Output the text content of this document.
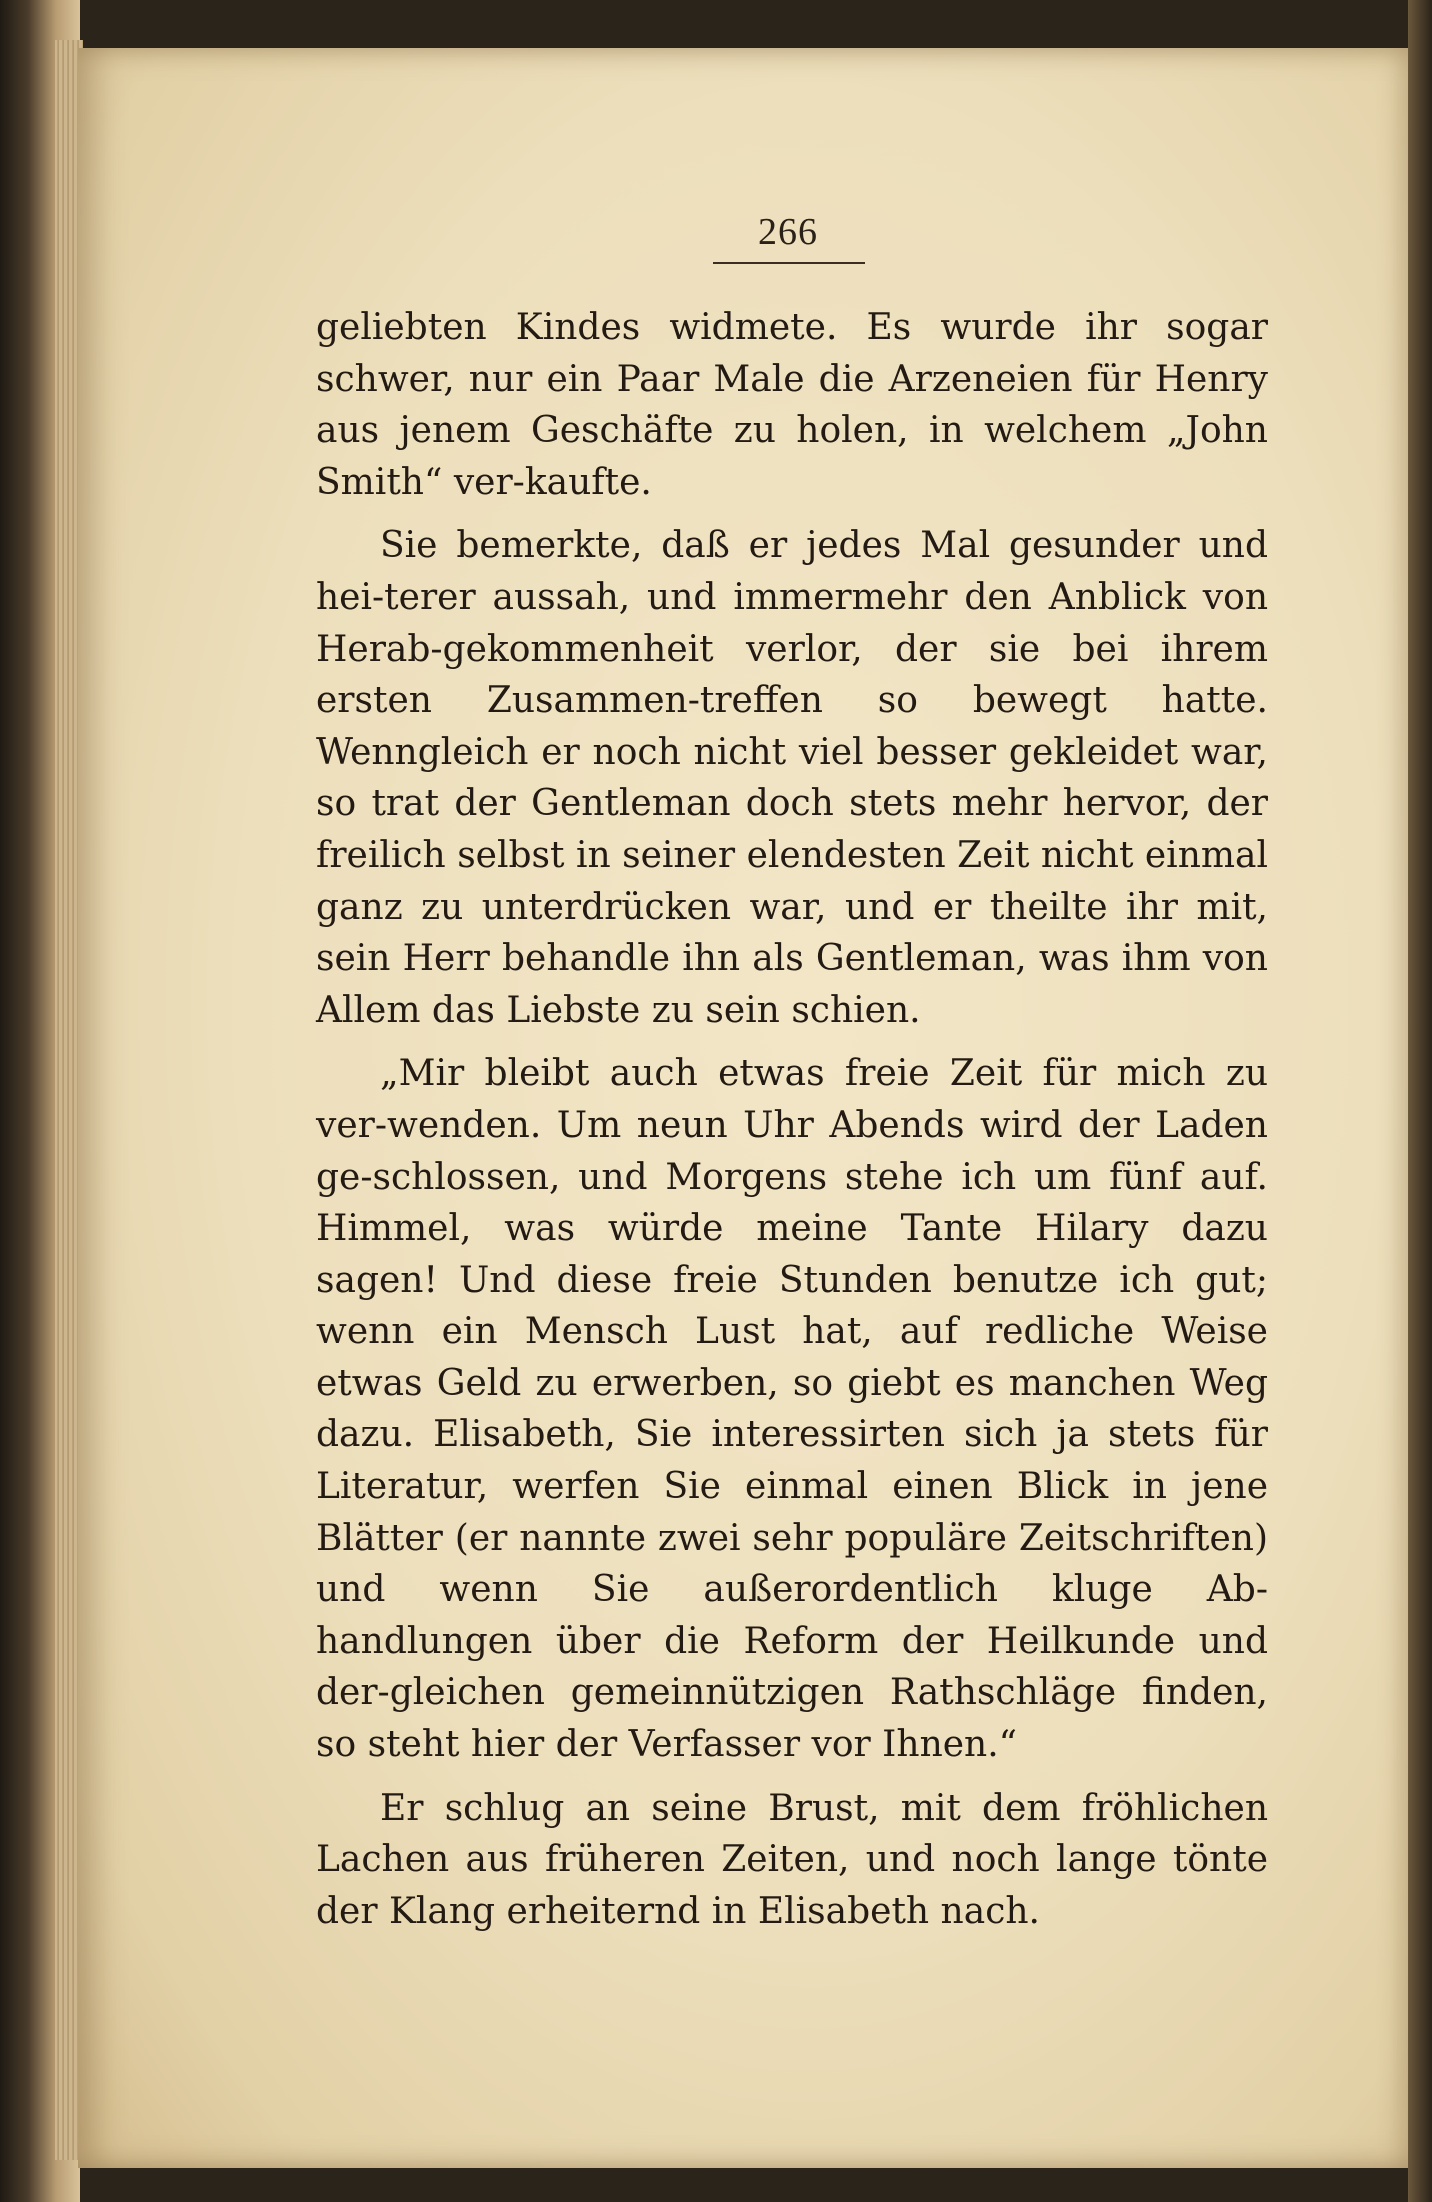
266

geliebten Kindes widmete. Es wurde ihr sogar schwer, nur ein Paar Male die Arzeneien für Henry aus jenem Geschäfte zu holen, in welchem „John Smith“ ver-kaufte.

Sie bemerkte, daß er jedes Mal gesunder und hei-terer aussah, und immermehr den Anblick von Herab-gekommenheit verlor, der sie bei ihrem ersten Zusammen-treffen so bewegt hatte. Wenngleich er noch nicht viel besser gekleidet war, so trat der Gentleman doch stets mehr hervor, der freilich selbst in seiner elendesten Zeit nicht einmal ganz zu unterdrücken war, und er theilte ihr mit, sein Herr behandle ihn als Gentleman, was ihm von Allem das Liebste zu sein schien.

„Mir bleibt auch etwas freie Zeit für mich zu ver-wenden. Um neun Uhr Abends wird der Laden ge-schlossen, und Morgens stehe ich um fünf auf. Himmel, was würde meine Tante Hilary dazu sagen! Und diese freie Stunden benutze ich gut; wenn ein Mensch Lust hat, auf redliche Weise etwas Geld zu erwerben, so giebt es manchen Weg dazu. Elisabeth, Sie interessirten sich ja stets für Literatur, werfen Sie einmal einen Blick in jene Blätter (er nannte zwei sehr populäre Zeitschriften) und wenn Sie außerordentlich kluge Ab-handlungen über die Reform der Heilkunde und der-gleichen gemeinnützigen Rathschläge finden, so steht hier der Verfasser vor Ihnen.“

Er schlug an seine Brust, mit dem fröhlichen Lachen aus früheren Zeiten, und noch lange tönte der Klang erheiternd in Elisabeth nach.
